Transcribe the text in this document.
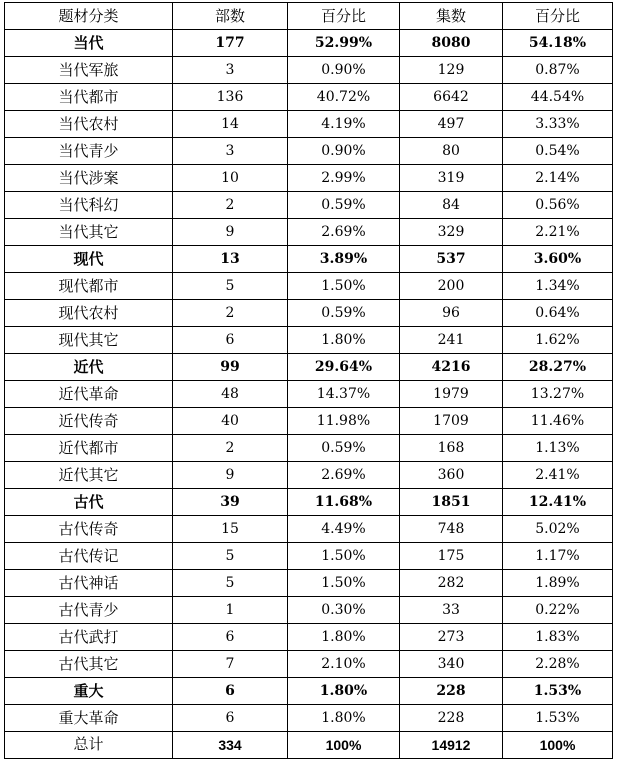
题材分类	部数	百分比	集数	百分比
当代	177	52.99%	8080	54.18%
当代军旅	3	0.90%	129	0.87%
当代都市	136	40.72%	6642	44.54%
当代农村	14	4.19%	497	3.33%
当代青少	3	0.90%	80	0.54%
当代涉案	10	2.99%	319	2.14%
当代科幻	2	0.59%	84	0.56%
当代其它	9	2.69%	329	2.21%
现代	13	3.89%	537	3.60%
现代都市	5	1.50%	200	1.34%
现代农村	2	0.59%	96	0.64%
现代其它	6	1.80%	241	1.62%
近代	99	29.64%	4216	28.27%
近代革命	48	14.37%	1979	13.27%
近代传奇	40	11.98%	1709	11.46%
近代都市	2	0.59%	168	1.13%
近代其它	9	2.69%	360	2.41%
古代	39	11.68%	1851	12.41%
古代传奇	15	4.49%	748	5.02%
古代传记	5	1.50%	175	1.17%
古代神话	5	1.50%	282	1.89%
古代青少	1	0.30%	33	0.22%
古代武打	6	1.80%	273	1.83%
古代其它	7	2.10%	340	2.28%
重大	6	1.80%	228	1.53%
重大革命	6	1.80%	228	1.53%
总计	334	100%	14912	100%
